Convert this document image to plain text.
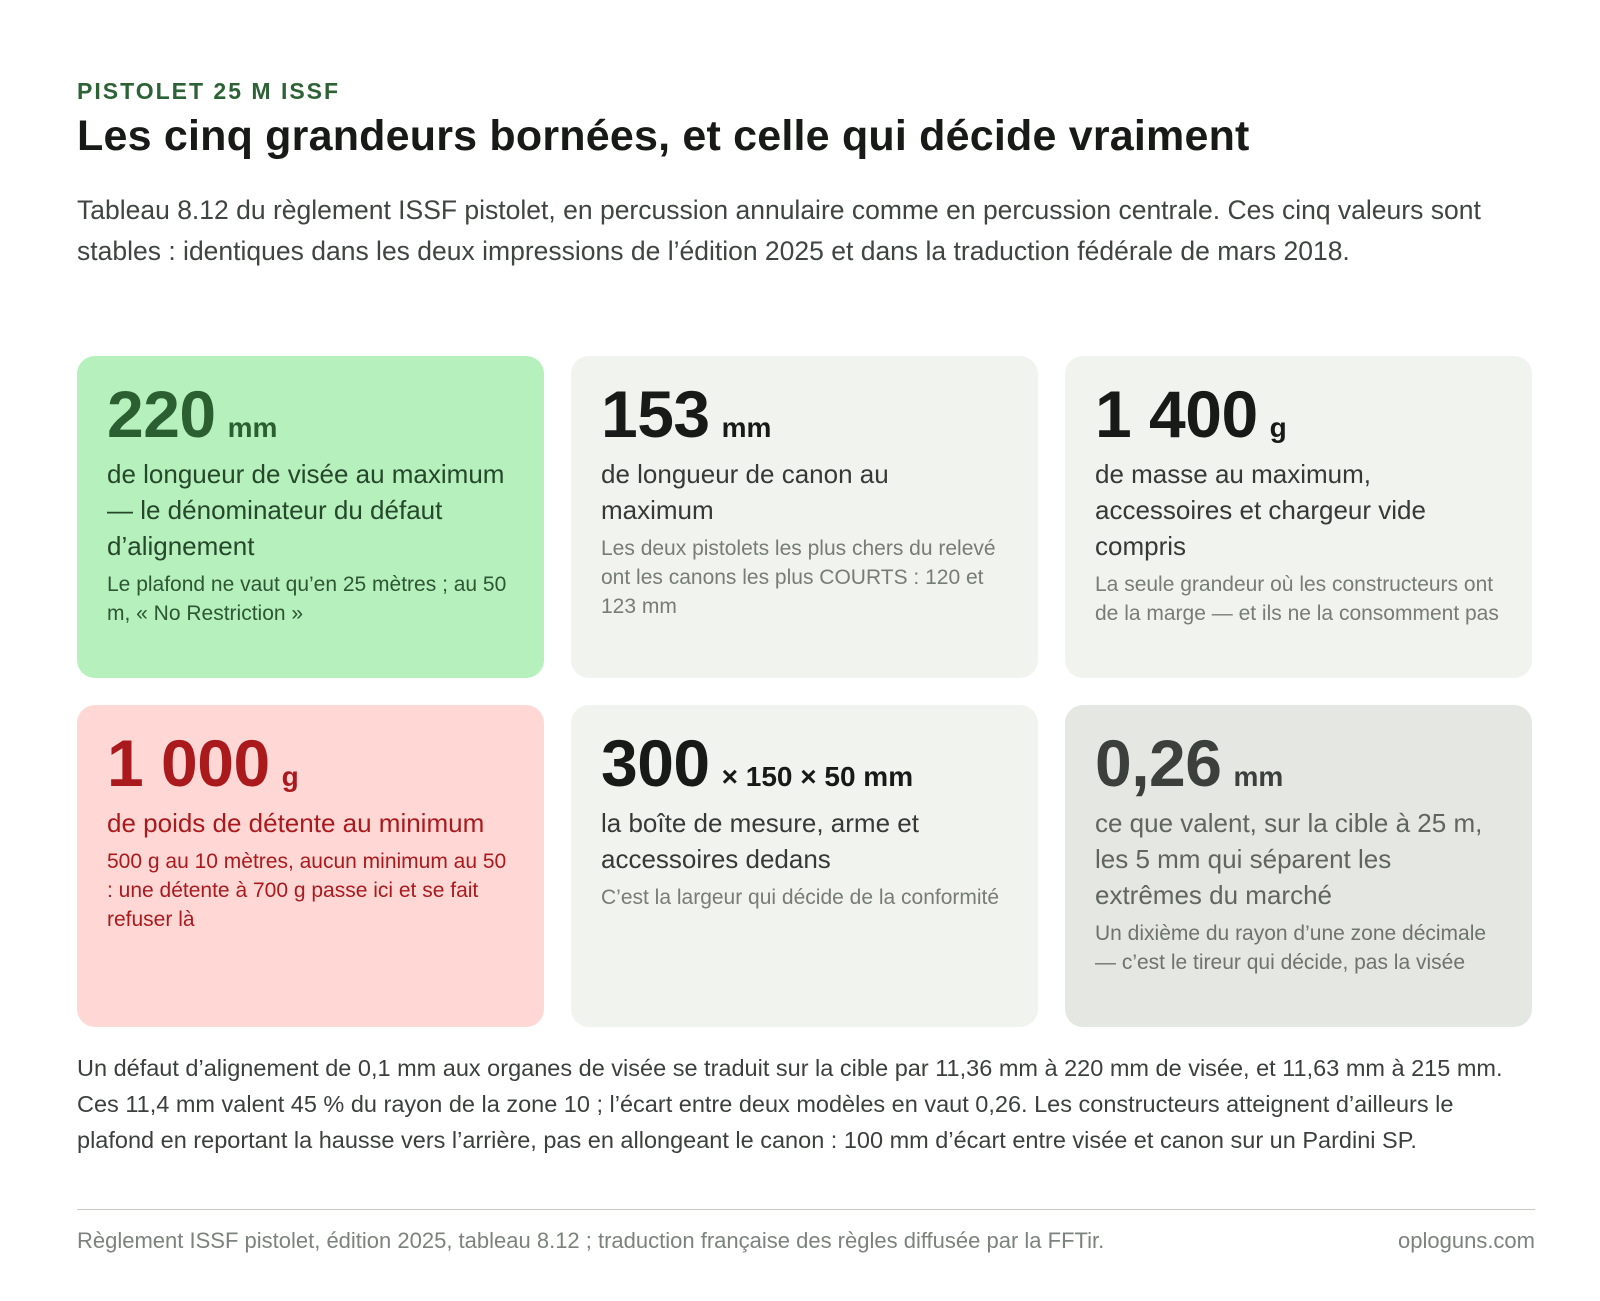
PISTOLET 25 M ISSF
Les cinq grandeurs bornées, et celle qui décide vraiment

Tableau 8.12 du règlement ISSF pistolet, en percussion annulaire comme en percussion centrale. Ces cinq valeurs sont stables : identiques dans les deux impressions de l’édition 2025 et dans la traduction fédérale de mars 2018.

220 mm
de longueur de visée au maximum — le dénominateur du défaut d’alignement
Le plafond ne vaut qu’en 25 mètres ; au 50 m, « No Restriction »
153 mm
de longueur de canon au maximum
Les deux pistolets les plus chers du relevé ont les canons les plus COURTS : 120 et 123 mm
1 400 g
de masse au maximum, accessoires et chargeur vide compris
La seule grandeur où les constructeurs ont de la marge — et ils ne la consomment pas
1 000 g
de poids de détente au minimum
500 g au 10 mètres, aucun minimum au 50 : une détente à 700 g passe ici et se fait refuser là
300 × 150 × 50 mm
la boîte de mesure, arme et accessoires dedans
C’est la largeur qui décide de la conformité
0,26 mm
ce que valent, sur la cible à 25 m, les 5 mm qui séparent les extrêmes du marché
Un dixième du rayon d’une zone décimale — c’est le tireur qui décide, pas la visée

Un défaut d’alignement de 0,1 mm aux organes de visée se traduit sur la cible par 11,36 mm à 220 mm de visée, et 11,63 mm à 215 mm. Ces 11,4 mm valent 45 % du rayon de la zone 10 ; l’écart entre deux modèles en vaut 0,26. Les constructeurs atteignent d’ailleurs le plafond en reportant la hausse vers l’arrière, pas en allongeant le canon : 100 mm d’écart entre visée et canon sur un Pardini SP.

Règlement ISSF pistolet, édition 2025, tableau 8.12 ; traduction française des règles diffusée par la FFTir.	oploguns.com
